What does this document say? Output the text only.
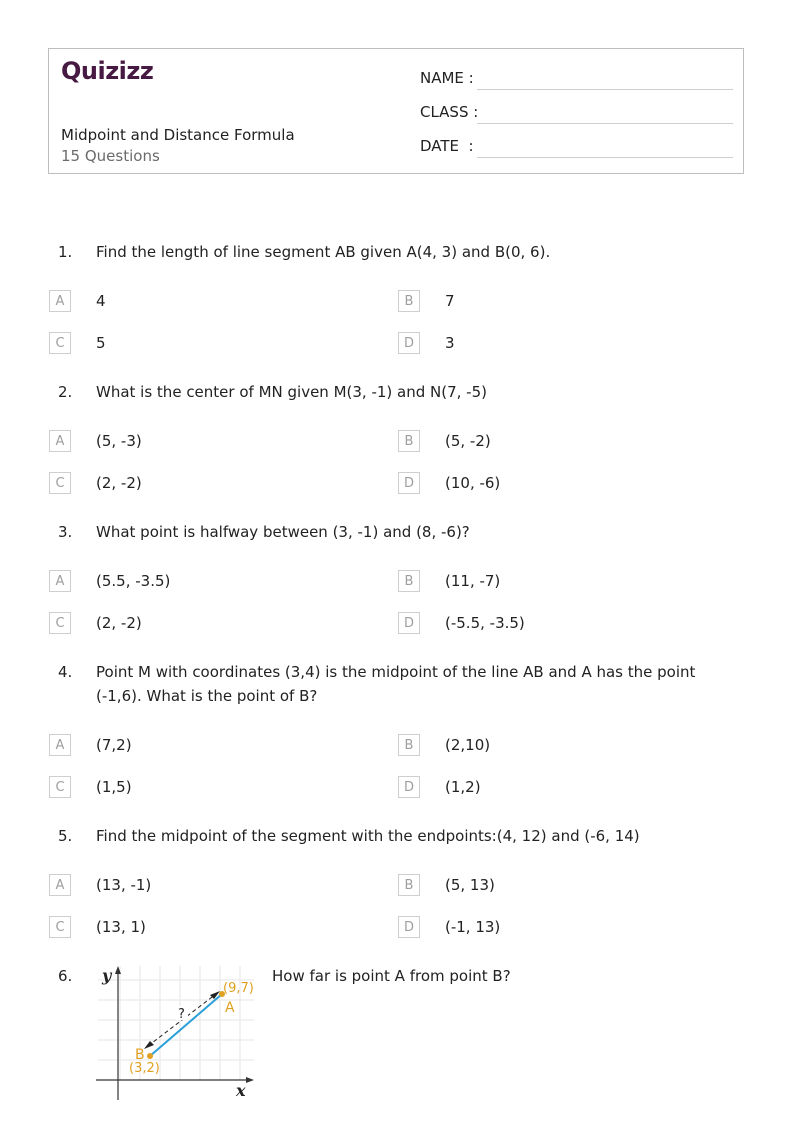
Quizizz
Midpoint and Distance Formula
15 Questions
NAME :
CLASS :
DATE  :
1. Find the length of line segment AB given A(4, 3) and B(0, 6).
A	4	B	7
C	5	D	3
2. What is the center of MN given M(3, -1) and N(7, -5)
A	(5, -3)	B	(5, -2)
C	(2, -2)	D	(10, -6)
3. What point is halfway between (3, -1) and (8, -6)?
A	(5.5, -3.5)	B	(11, -7)
C	(2, -2)	D	(-5.5, -3.5)
4. Point M with coordinates (3,4) is the midpoint of the line AB and A has the point (-1,6). What is the point of B?
A	(7,2)	B	(2,10)
C	(1,5)	D	(1,2)
5. Find the midpoint of the segment with the endpoints:(4, 12) and (-6, 14)
A	(13, -1)	B	(5, 13)
C	(13, 1)	D	(-1, 13)
6.	How far is point A from point B?
y
x
?
(9,7)
A
B
(3,2)
